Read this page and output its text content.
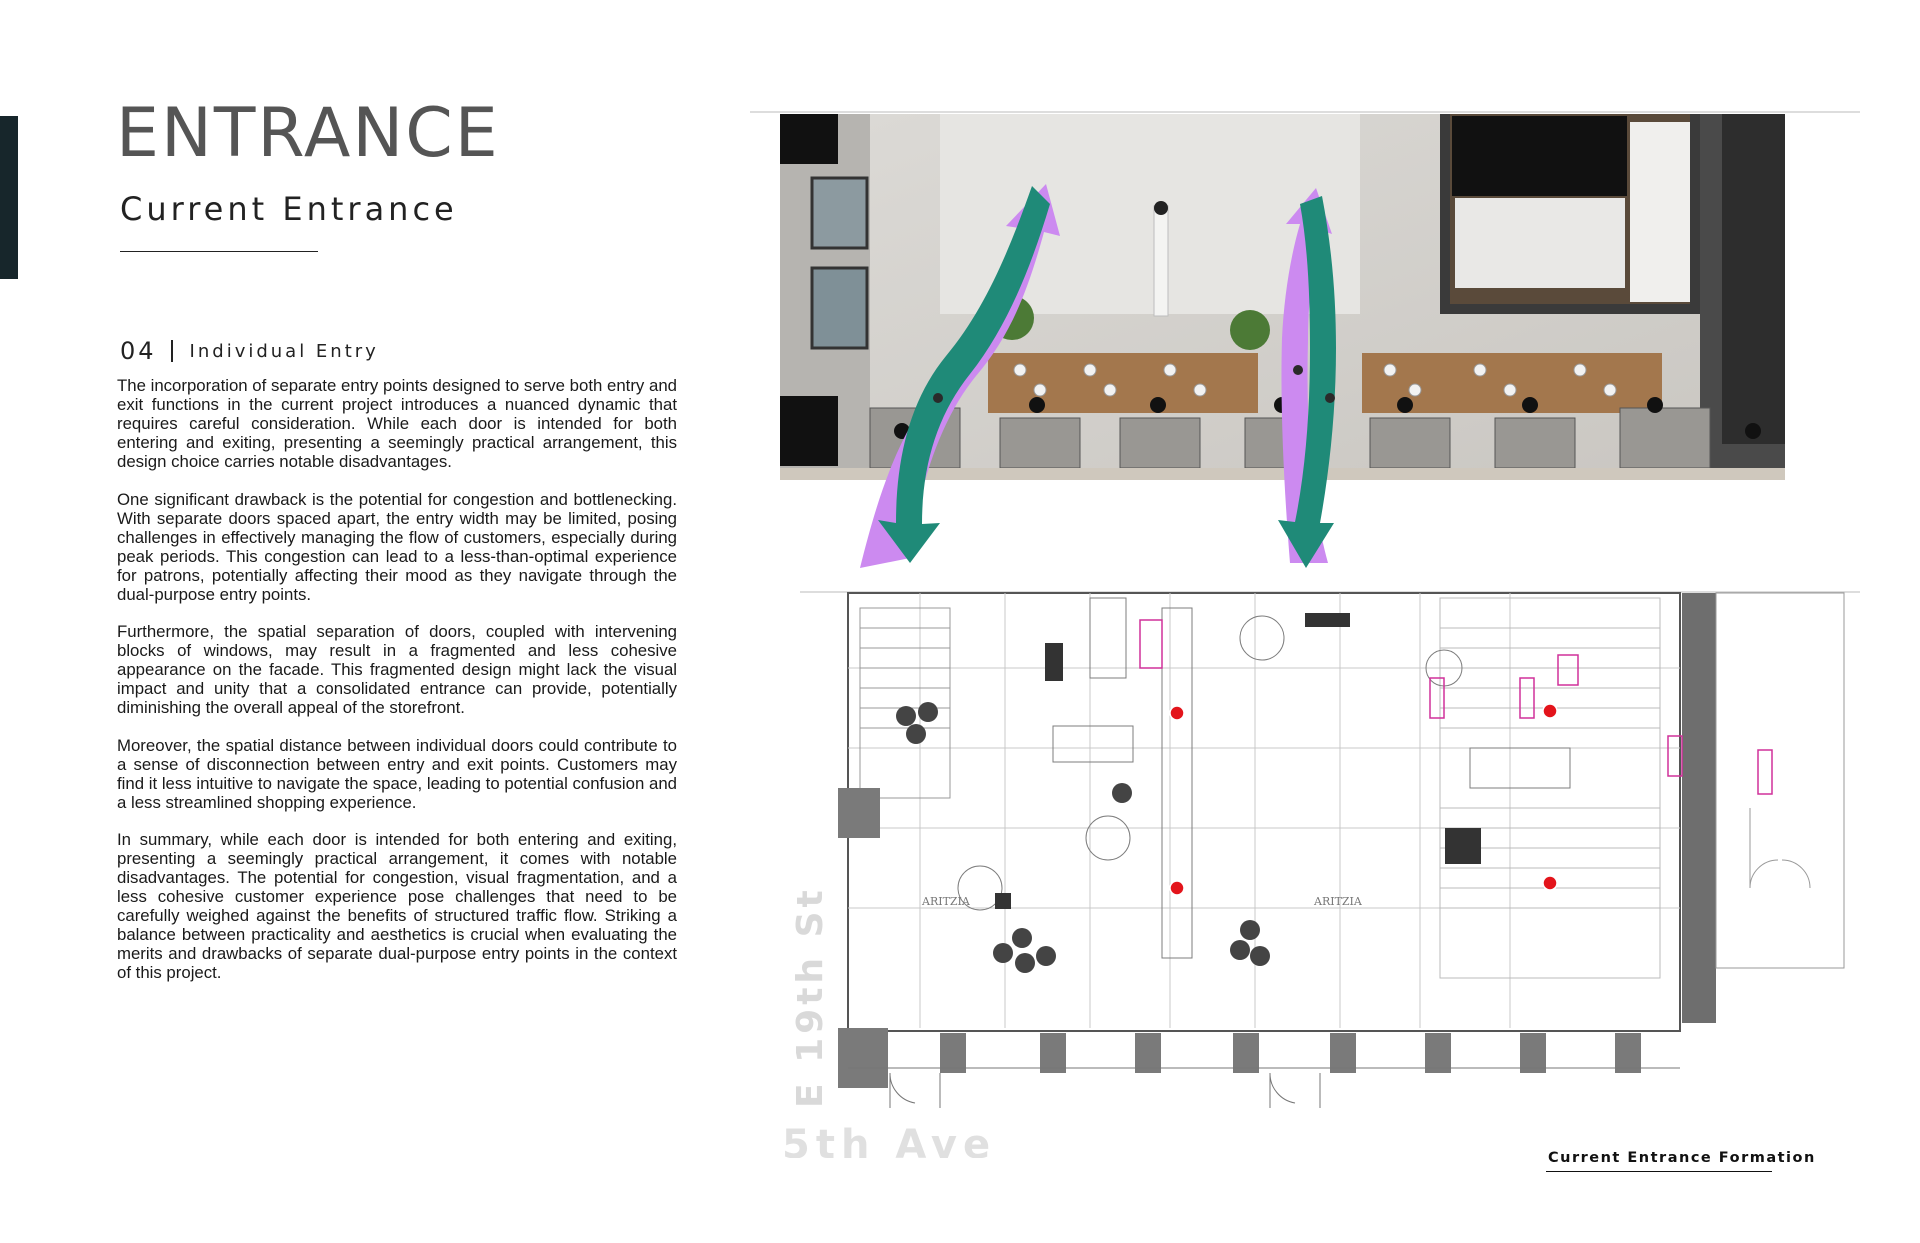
ENTRANCE
Current Entrance
04 Individual Entry

The incorporation of separate entry points designed to serve both entry and exit functions in the current project introduces a nuanced dynamic that requires careful consideration. While each door is intended for both entering and exiting, presenting a seemingly practical arrangement, this design choice carries notable disadvantages.

One significant drawback is the potential for congestion and bottlenecking. With separate doors spaced apart, the entry width may be limited, posing challenges in effectively managing the flow of customers, especially during peak periods. This congestion can lead to a less-than-optimal experience for patrons, potentially affecting their mood as they navigate through the dual-purpose entry points.

Furthermore, the spatial separation of doors, coupled with intervening blocks of windows, may result in a fragmented and less cohesive appearance on the facade. This fragmented design might lack the visual impact and unity that a consolidated entrance can provide, potentially diminishing the overall appeal of the storefront.

Moreover, the spatial distance between individual doors could contribute to a sense of disconnection between entry and exit points. Customers may find it less intuitive to navigate the space, leading to potential confusion and a less streamlined shopping experience.

In summary, while each door is intended for both entering and exiting, presenting a seemingly practical arrangement, it comes with notable disadvantages. The potential for congestion, visual fragmentation, and a less cohesive customer experience pose challenges that need to be carefully weighed against the benefits of structured traffic flow. Striking a balance between practicality and aesthetics is crucial when evaluating the merits and drawbacks of separate dual-purpose entry points in the context of this project.

ARITZIA	ARITZIA
E 19th St
5th Ave	Current Entrance Formation
